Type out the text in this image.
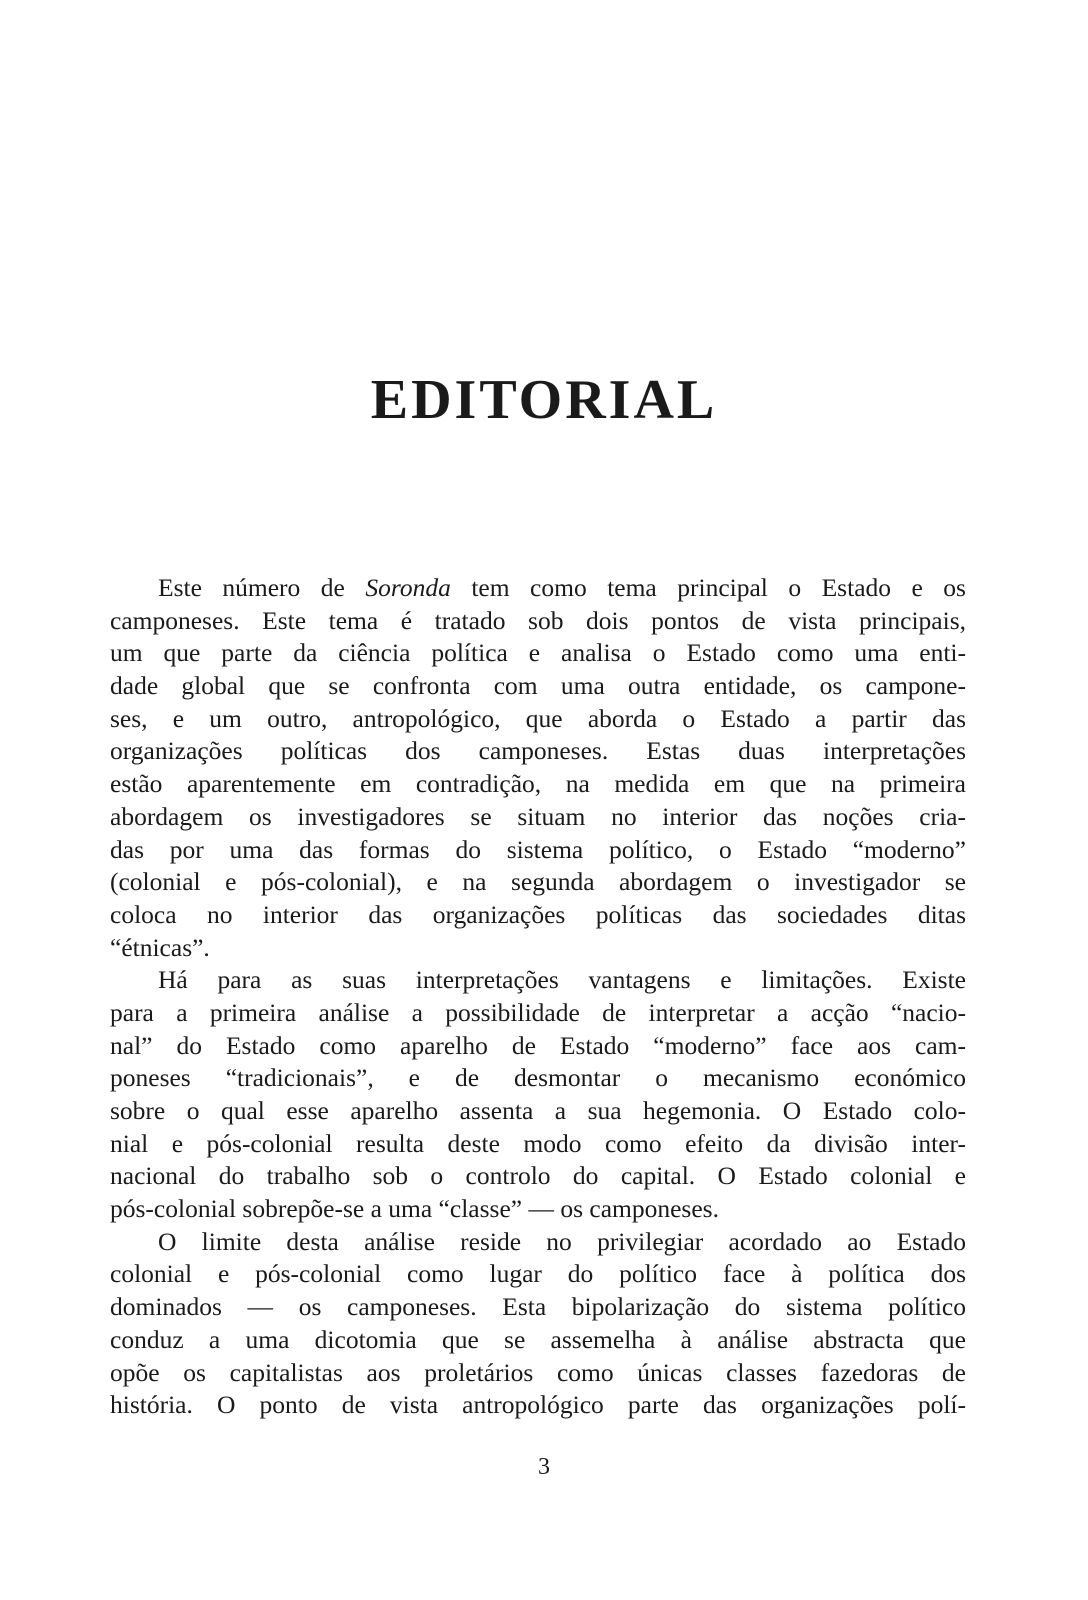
EDITORIAL
Este número de Soronda tem como tema principal o Estado e os
camponeses. Este tema é tratado sob dois pontos de vista principais,
um que parte da ciência política e analisa o Estado como uma enti-
dade global que se confronta com uma outra entidade, os campone-
ses, e um outro, antropológico, que aborda o Estado a partir das
organizações políticas dos camponeses. Estas duas interpretações
estão aparentemente em contradição, na medida em que na primeira
abordagem os investigadores se situam no interior das noções cria-
das por uma das formas do sistema político, o Estado “moderno”
(colonial e pós-colonial), e na segunda abordagem o investigador se
coloca no interior das organizações políticas das sociedades ditas
“étnicas”.
Há para as suas interpretações vantagens e limitações. Existe
para a primeira análise a possibilidade de interpretar a acção “nacio-
nal” do Estado como aparelho de Estado “moderno” face aos cam-
poneses “tradicionais”, e de desmontar o mecanismo económico
sobre o qual esse aparelho assenta a sua hegemonia. O Estado colo-
nial e pós-colonial resulta deste modo como efeito da divisão inter-
nacional do trabalho sob o controlo do capital. O Estado colonial e
pós-colonial sobrepõe-se a uma “classe” — os camponeses.
O limite desta análise reside no privilegiar acordado ao Estado
colonial e pós-colonial como lugar do político face à política dos
dominados — os camponeses. Esta bipolarização do sistema político
conduz a uma dicotomia que se assemelha à análise abstracta que
opõe os capitalistas aos proletários como únicas classes fazedoras de
história. O ponto de vista antropológico parte das organizações polí-
3
